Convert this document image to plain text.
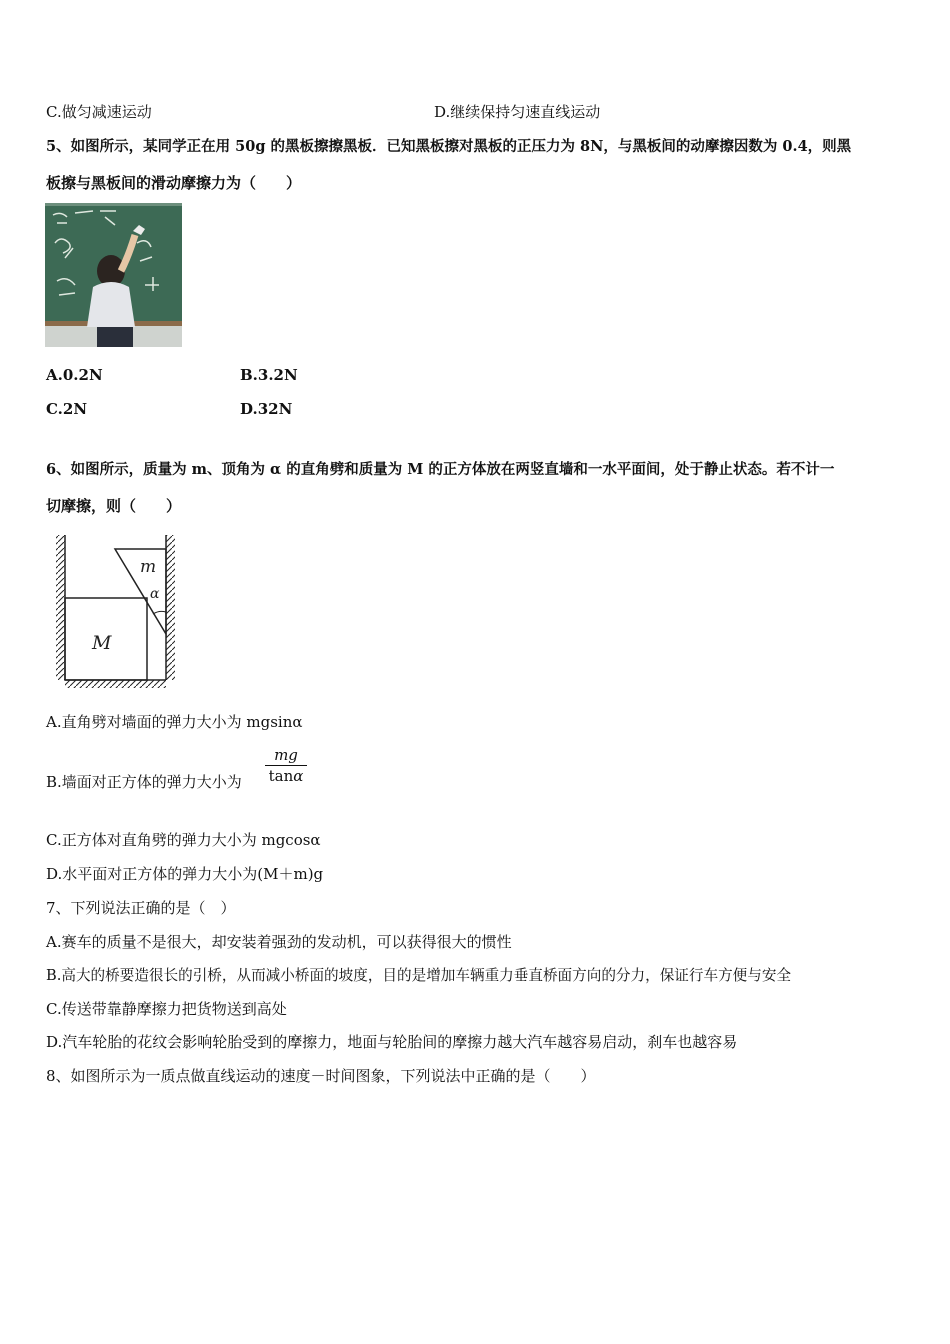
C.做匀减速运动	D.继续保持匀速直线运动
5、如图所示，某同学正在用 50g 的黑板擦擦黑板．已知黑板擦对黑板的正压力为 8N，与黑板间的动摩擦因数为 0.4，则黑
板擦与黑板间的滑动摩擦力为（　　）
A.0.2N	B.3.2N
C.2N	D.32N
6、如图所示，质量为 m、顶角为 α 的直角劈和质量为 M 的正方体放在两竖直墙和一水平面间，处于静止状态。若不计一
切摩擦，则（　　）
m
α
M
A.直角劈对墙面的弹力大小为 mgsinα
B.墙面对正方体的弹力大小为
mg
tanα
C.正方体对直角劈的弹力大小为 mgcosα
D.水平面对正方体的弹力大小为(M＋m)g
7、下列说法正确的是（　）
A.赛车的质量不是很大，却安装着强劲的发动机，可以获得很大的惯性
B.高大的桥要造很长的引桥，从而减小桥面的坡度，目的是增加车辆重力垂直桥面方向的分力，保证行车方便与安全
C.传送带靠静摩擦力把货物送到高处
D.汽车轮胎的花纹会影响轮胎受到的摩擦力，地面与轮胎间的摩擦力越大汽车越容易启动，刹车也越容易
8、如图所示为一质点做直线运动的速度－时间图象，下列说法中正确的是（　　）
